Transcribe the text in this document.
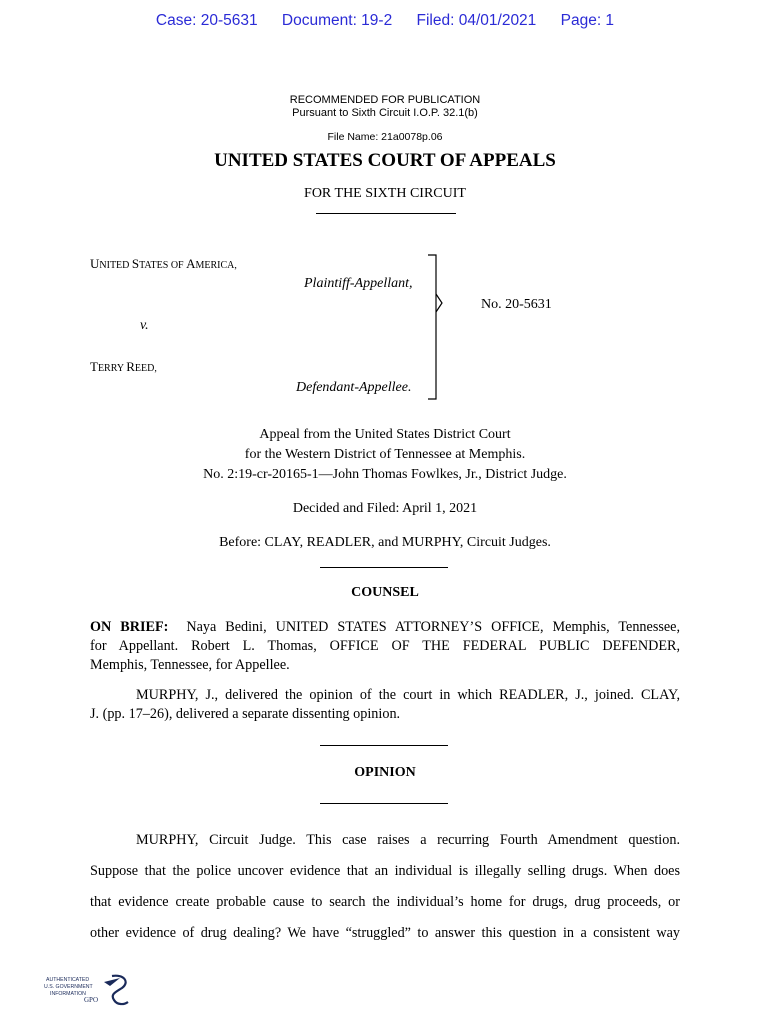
Case: 20-5631 Document: 19-2 Filed: 04/01/2021 Page: 1
RECOMMENDED FOR PUBLICATION
Pursuant to Sixth Circuit I.O.P. 32.1(b)
File Name: 21a0078p.06
UNITED STATES COURT OF APPEALS
FOR THE SIXTH CIRCUIT
UNITED STATES OF AMERICA,
Plaintiff-Appellant,
v.
TERRY REED,
Defendant-Appellee.
No. 20-5631
Appeal from the United States District Court
for the Western District of Tennessee at Memphis.
No. 2:19-cr-20165-1—John Thomas Fowlkes, Jr., District Judge.
Decided and Filed: April 1, 2021
Before: CLAY, READLER, and MURPHY, Circuit Judges.
COUNSEL
ON BRIEF:  Naya Bedini, UNITED STATES ATTORNEY’S OFFICE, Memphis, Tennessee,
for Appellant. Robert L. Thomas, OFFICE OF THE FEDERAL PUBLIC DEFENDER,
Memphis, Tennessee, for Appellee.
MURPHY, J., delivered the opinion of the court in which READLER, J., joined. CLAY,
J. (pp. 17–26), delivered a separate dissenting opinion.
OPINION
MURPHY, Circuit Judge. This case raises a recurring Fourth Amendment question.
Suppose that the police uncover evidence that an individual is illegally selling drugs. When does
that evidence create probable cause to search the individual’s home for drugs, drug proceeds, or
other evidence of drug dealing? We have “struggled” to answer this question in a consistent way
AUTHENTICATED
U.S. GOVERNMENT
INFORMATION
GPO
